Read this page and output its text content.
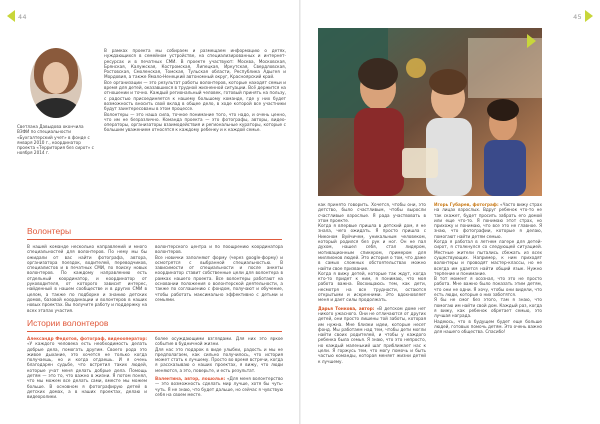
44
Светлана Давыдова окончила ВЗФИ по специальности «Бухгалтерский учет» в фонде с января 2010 г., координатор проекта «Территория без сирот» с ноября 2014 г.
В рамках проекта мы собираем и размещаем информацию о детях, нуждающихся в семейном устройстве, на специализированных и интернет-ресурсах и в печатных СМИ. В проекте участвуют: Москва, Московская, Брянская, Калужская, Костромская, Липецкая, Иркутская, Свердловская, Ростовская, Смоленская, Томская, Тульская области, Республика Адыгея и Мордовия, а также Ямало-Ненецкий автономный округ, Красноярский край.
Все организации — это результат работы волонтеров, которые находят семьи и время для детей, оказавшихся в трудной жизненной ситуации. Всё держится на отношении и точно. Каждый региональный человек, готовый принять на пользу, с радостью присоединяется к нашему большому команде, где у них будет возможность вносить свой вклад в общее дело, в ходе которой все участники будут заинтересованы в этом процессе.
Волонтеры — это наша сила, точное понимание того, что надо, и очень ценно, что им не безразлично. Команда проекта — это фотографы, авторы, видео-операторы, организаторы взаимодействия и региональные кураторы, которые с большим уважением относятся к каждому ребенку и к каждой семье.
Волонтеры
В нашей команде несколько направлений и много специальностей для волонтеров. По нему мы бы ожидали от вас найти фотографа, автора, организатора поездок, водителей, переводчиков, специалистов и в печатных СМИ, по поиску новых волонтеров. По каждому направлению есть отдельный координатор, и координатор от руководителя, от которого зависит интерес, найденный в нашем сообществе и в других СМИ в целом, а также по подборке и знанию детских домов, базовой координации и волонтеров в наших новых проектах. Вы получите работу и поддержку на всех этапах участия.
волонтерского центра и по поощрению координатора волонтеров.
Все новички заполняют форму (через google-форму) и осмотрятся с выбранной специальностью. В зависимости от специальности и после анкеты координатор ставит собственные цели для волонтера в рамках нашего проекта. Все волонтеры работают на основании положения о волонтерской деятельности, а также по соглашению с фондом, получают и обучение, чтобы работать максимально эффективно с детьми и семьями.
Истории волонтеров
Александр Федотов, фотограф, видеооператор: «У каждого человека есть необходимость делать добрые дела, помогать другим. Своего рода это живое дыхание, это хочется не только когда получаешь, но и когда отдаешь. И я очень благодарен судьбе, что встретил таких людей, которые учат меня делать добрые дела. Помощь детям — это то, что важно в жизни. Я потом понял, что мы можем все делать сами, вместе мы можем больше. В основном я фотографирую детей в детских домах, а в наших проектах, делаю и видеоролики.
более осуждающими взглядами. Для них это яркое событие в будничной жизни.
Для нас это подарок в виде улыбки, радость и мы не предполагаем, как сильно получилось, что история может стать к лучшему. Просто во время встречи, когда я рассказываю о наших проектах, я вижу, что люди меняются, а это, поверьте, и есть результат.
Валентина, автор, лошольн: «Для меня волонтерство — это возможность сделать мир лучше, хотя бы чуть-чуть. Я не знаю, что будет дальше, но сейчас я чувствую себя на своем месте.
45
как принято говорить. Хочется, чтобы они, это детство, было счастливым, чтобы выросли счастливые взрослые. Я рада участвовать в этом проекте.
Когда я впервые пришла в детский дом, я не знала, чего ожидать. Я просто пришла с Никоном Вуйчичем, уникальным человеком, который родился без рук и ног. Он не пал духом, нашел себя, стал лидером, мотивационным спикером, примером для миллионов людей. Это история о том, что даже в самых сложных обстоятельствах можно найти свое призвание.
Когда я вижу детей, которые так ждут, когда кто-то придет к ним, я понимаю, что моя работа важна. Восхищаюсь тем, как дети, несмотря на все трудности, остаются открытыми и искренними. Это вдохновляет меня и дает силы продолжать.
Дарья Тонкова, автор: «В детском доме нет никого ужасного. Они не отличаются от других детей, они просто лишены той заботы, которая им нужна. Мне близки идеи, которые несет фонд. Мы работаем над тем, чтобы дети могли найти своих родителей, и чтобы у каждого ребенка была семья. Я знаю, что это непросто, но каждый маленький шаг приближает нас к цели. Я горжусь тем, что могу помочь и быть частью команды, которая меняет жизни детей к лучшему.
Игорь Губарев, фотограф: «Часто вижу страх на лицах взрослых. Вдруг ребенок что-то не так скажет, будет просить забрать его домой или еще что-то. Я понимаю этот страх, но прихожу и понимаю, что все это не главное. Я знаю, что фотографии, которые я делаю, помогают найти детям семью.
Когда я работал в летнем лагере для детей-сирот, я столкнулся со следующей ситуацией. Местные жители пытались сбежать из всех существующих. Например, к ним приходят волонтеры и проводят мастер-классы, но не всегда им удается найти общий язык. Нужно терпение и понимание.
В тот момент я осознал, что это не просто работа. Мне важно было показать этим детям, что они не одни. Я хочу, чтобы они видели, что есть люди, которые о них заботятся.
Я бы не смог без этого, там я знаю, что помогаю им найти свой дом. Каждый раз, когда я вижу, как ребенок обретает семью, это лучшая награда.
Надеюсь, что в будущем будет еще больше людей, готовых помочь детям. Это очень важно для нашего общества. Спасибо!
